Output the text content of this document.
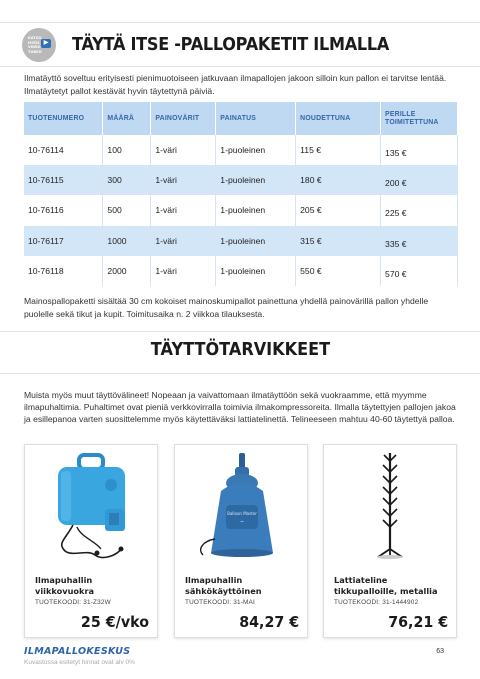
KATSO
MYÖS
VIDEO
TUBEO
▶ TÄYTÄ ITSE -PALLOPAKETIT ILMALLA

Ilmatäyttö soveltuu erityisesti pienimuotoiseen jatkuvaan ilmapallojen jakoon silloin kun pallon ei tarvitse lentää. Ilmatäytetyt pallot kestävät hyvin täytettynä päiviä.

TUOTENUMERO	MÄÄRÄ	PAINOVÄRIT	PAINATUS	NOUDETTUNA	PERILLE TOIMITETTUNA
10-76114	100	1-väri	1-puoleinen	115 €	135 €
10-76115	300	1-väri	1-puoleinen	180 €	200 €
10-76116	500	1-väri	1-puoleinen	205 €	225 €
10-76117	1000	1-väri	1-puoleinen	315 €	335 €
10-76118	2000	1-väri	1-puoleinen	550 €	570 €

Mainospallopaketti sisältää 30 cm kokoiset mainoskumipallot painettuna yhdellä painovärillä pallon yhdelle puolelle sekä tikut ja kupit. Toimitusaika n. 2 viikkoa tilauksesta.

TÄYTTÖTARVIKKEET

Muista myös muut täyttövälineet! Nopeaan ja vaivattomaan ilmatäyttöön sekä vuokraamme, että myymme ilmapuhaltimia. Puhaltimet ovat pieniä verkkovirralla toimivia ilmakompressoreita. Ilmalla täytettyjen pallojen jakoa ja esillepanoa varten suosittelemme myös käytettäväksi lattiatelinettä. Telineeseen mahtuu 40-60 täytettyä palloa.

Ilmapuhallin viikkovuokra
TUOTEKOODI: 31-Z32W
25 €/vko
Balloon Master
~
Ilmapuhallin sähkökäyttöinen
TUOTEKOODI: 31-MAI
84,27 €
Lattiateline tikkupalloille, metallia
TUOTEKOODI: 31-1444902
76,21 €
ILMAPALLOKESKUS
Kuvastossa esitetyt hinnat ovat alv 0%
63
